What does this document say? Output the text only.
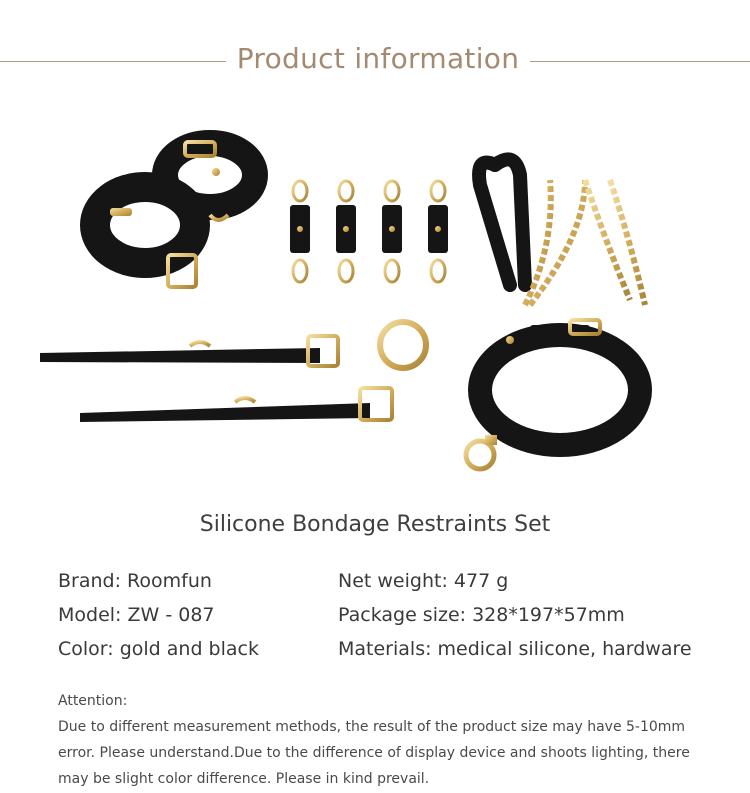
Product information
Silicone Bondage Restraints Set
Brand: Roomfun
Model: ZW - 087
Color: gold and black
Net weight: 477 g
Package size: 328*197*57mm
Materials: medical silicone, hardware

Attention:

Due to different measurement methods, the result of the product size may have 5-10mm

error. Please understand.Due to the difference of display device and shoots lighting, there

may be slight color difference. Please in kind prevail.
